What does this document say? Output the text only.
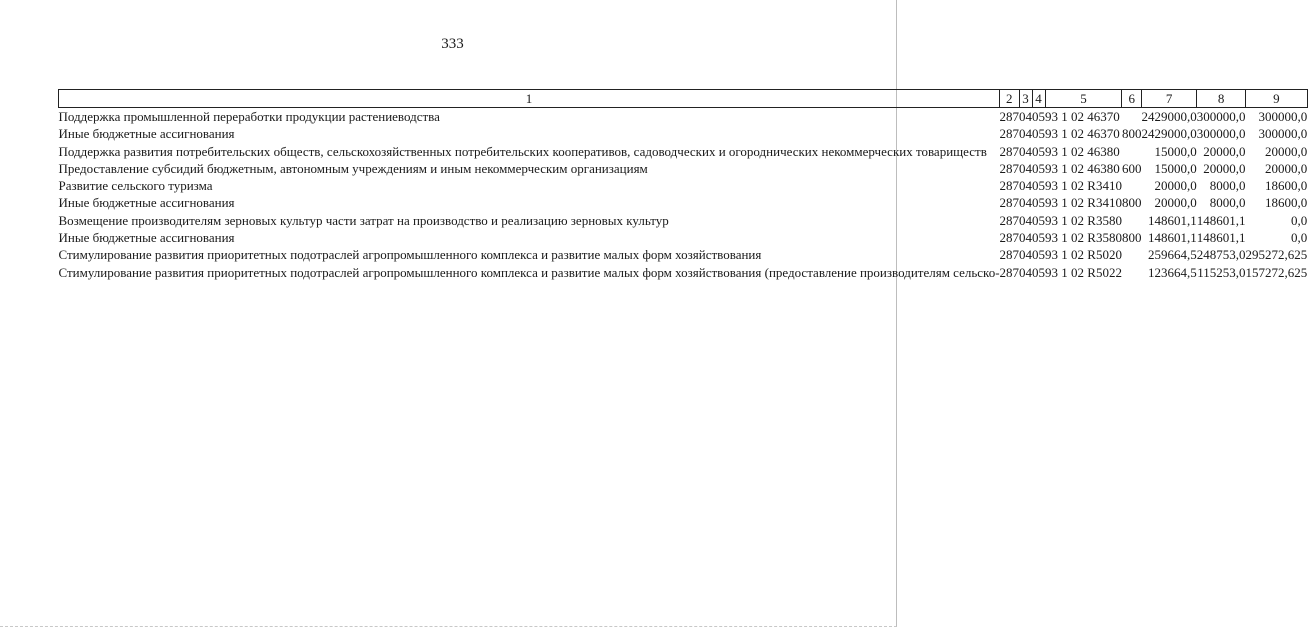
333
1	2	3	4	5	6	7	8	9
Поддержка промышленной переработки продукции растениеводства	287	04	05	93 1 02 46370		2429000,0	300000,0	300000,0
Иные бюджетные ассигнования	287	04	05	93 1 02 46370	800	2429000,0	300000,0	300000,0
Поддержка развития потребительских обществ, сельскохозяйственных потребительских кооперативов, садоводческих и огороднических некоммерческих товариществ	287	04	05	93 1 02 46380		15000,0	20000,0	20000,0
Предоставление субсидий бюджетным, автономным учреждениям и иным некоммерческим организациям	287	04	05	93 1 02 46380	600	15000,0	20000,0	20000,0
Развитие сельского туризма	287	04	05	93 1 02 R3410		20000,0	8000,0	18600,0
Иные бюджетные ассигнования	287	04	05	93 1 02 R3410	800	20000,0	8000,0	18600,0
Возмещение производителям зерновых культур части затрат на производство и реализацию зерновых культур	287	04	05	93 1 02 R3580		148601,1	148601,1	0,0
Иные бюджетные ассигнования	287	04	05	93 1 02 R3580	800	148601,1	148601,1	0,0
Стимулирование развития приоритетных подотраслей агропромышленного комплекса и развитие малых форм хозяйствования	287	04	05	93 1 02 R5020		259664,5	248753,0	295272,625
Стимулирование развития приоритетных подотраслей агропромышленного комплекса и развитие малых форм хозяйствования (предоставление производителям сельско-	287	04	05	93 1 02 R5022		123664,5	115253,0	157272,625
